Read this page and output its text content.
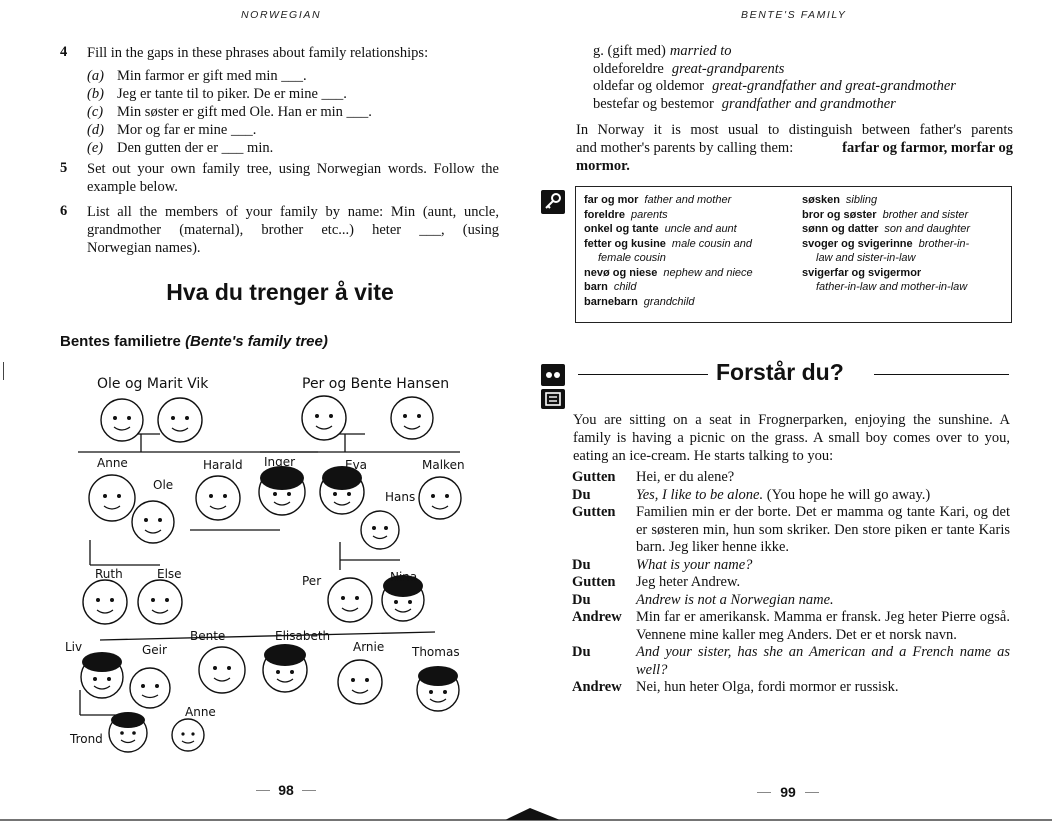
NORWEGIAN
4 Fill in the gaps in these phrases about family relationships:
(a) Min farmor er gift med min ___.
(b) Jeg er tante til to piker. De er mine ___.
(c) Min søster er gift med Ole. Han er min ___.
(d) Mor og far er mine ___.
(e) Den gutten der er ___ min.
5 Set out your own family tree, using Norwegian words. Follow the
example below.
6 List all the members of your family by name: Min (aunt, uncle,
grandmother (maternal), brother etc...) heter ___, (using
Norwegian names).
Hva du trenger å vite
Bentes familietre (Bente's family tree)
Ole og Marit Vik	Per og Bente Hansen
Anne
Ole
Harald Inger	Eva
Hans
Malken
Ruth	Else	Per	Nina
Liv	Geir
Bente	Elisabeth
Arnie Thomas
Trond
Anne
98
BENTE'S FAMILY
g. (gift med) married to
oldeforeldre great-grandparents
oldefar og oldemor great-grandfather and great-grandmother
bestefar og bestemor grandfather and grandmother
In Norway it is most usual to distinguish between father's parents
and mother's parents by calling them:	farfar og farmor, morfar og
mormor.
far og mor father and mother
foreldre parents
onkel og tante uncle and aunt
fetter og kusine male cousin and
female cousin
nevø og niese nephew and niece
barn child
barnebarn grandchild
søsken sibling
bror og søster brother and sister
sønn og datter son and daughter
svoger og svigerinne brother-in-
law and sister-in-law
svigerfar og svigermor
father-in-law and mother-in-law
Forstår du?
You are sitting on a seat in Frognerparken, enjoying the sunshine. A
family is having a picnic on the grass. A small boy comes over to you,
eating an ice-cream. He starts talking to you:
Gutten	Hei, er du alene?
Du	Yes, I like to be alone. (You hope he will go away.)
Gutten	Familien min er der borte. Det er mamma og tante Kari, og det er søsteren min, hun som skriker. Den store piken er tante Karis barn. Jeg liker henne ikke.
Du	What is your name?
Gutten	Jeg heter Andrew.
Du	Andrew is not a Norwegian name.
Andrew Min far er amerikansk. Mamma er fransk. Jeg heter Pierre også. Vennene mine kaller meg Anders. Det er et norsk navn.
Du	And your sister, has she an American and a French name as well?
Andrew Nei, hun heter Olga, fordi mormor er russisk.
99
